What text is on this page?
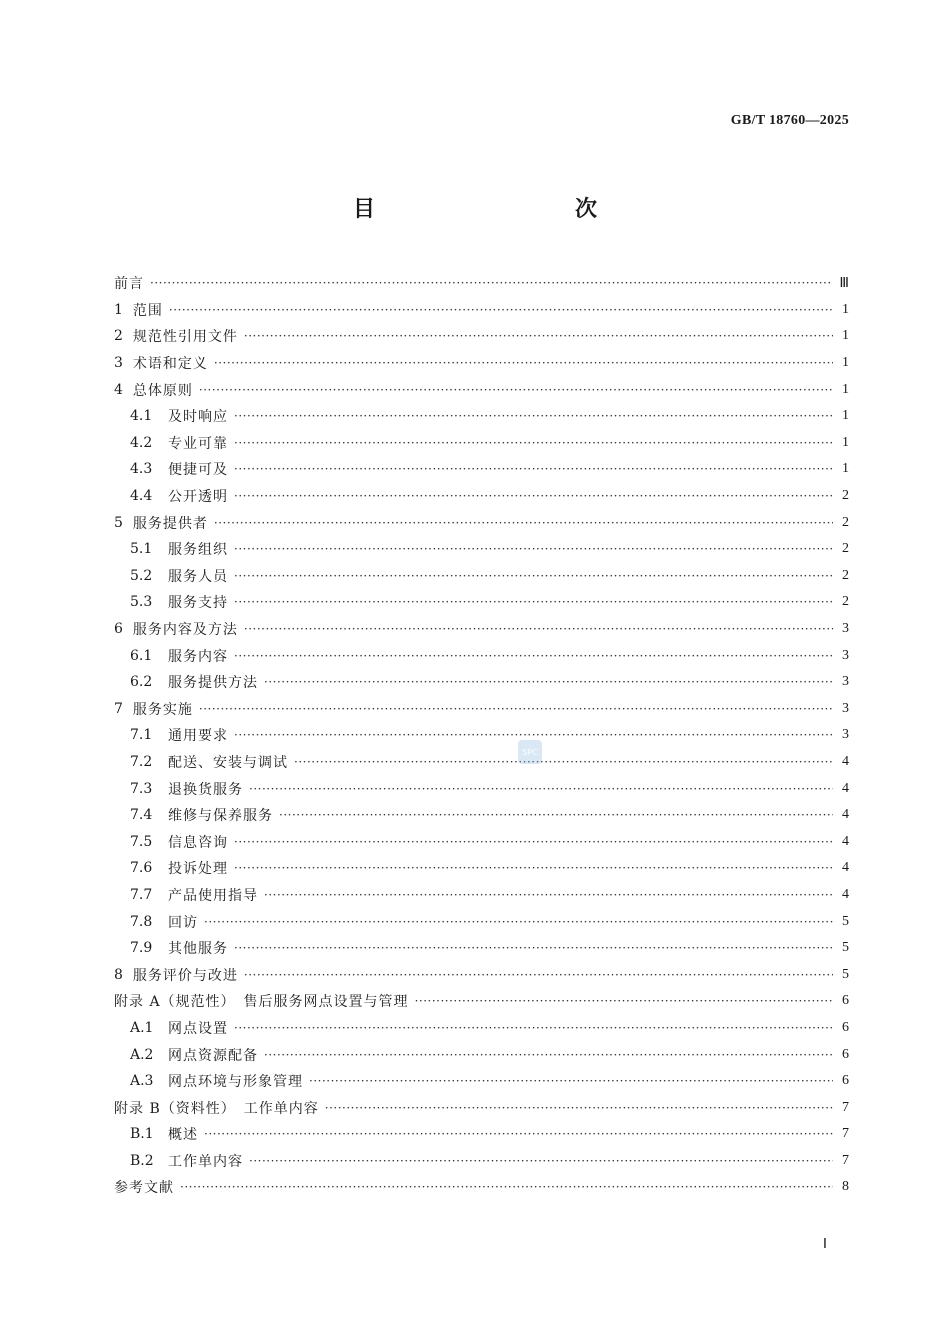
GB/T 18760—2025
目　　次
前言 ·····	Ⅲ
1 范围 ·····	1
2 规范性引用文件 ·····	1
3 术语和定义 ·····	1
4 总体原则 ·····	1
4.1	及时响应 ·····	1
4.2	专业可靠 ·····	1
4.3	便捷可及 ·····	1
4.4	公开透明 ·····	2
5 服务提供者 ·····	2
5.1	服务组织 ·····	2
5.2	服务人员 ·····	2
5.3	服务支持 ·····	2
6 服务内容及方法 ·····	3
6.1	服务内容 ·····	3
6.2	服务提供方法 ·····	3
7 服务实施 ·····	3
7.1	通用要求 ·····	3
7.2	配送、安装与调试 ·····	4
7.3	退换货服务 ·····	4
7.4	维修与保养服务 ·····	4
7.5	信息咨询 ·····	4
7.6	投诉处理 ·····	4
7.7	产品使用指导 ·····	4
7.8	回访 ·····	5
7.9	其他服务 ·····	5
8 服务评价与改进 ·····	5
附录 A（规范性）　售后服务网点设置与管理 ·····	6
A.1	网点设置 ·····	6
A.2	网点资源配备 ·····	6
A.3	网点环境与形象管理 ·····	6
附录 B（资料性）　工作单内容 ·····	7
B.1	概述 ·····	7
B.2	工作单内容 ·····	7
参考文献 ·····	8
SPC
Ⅰ
